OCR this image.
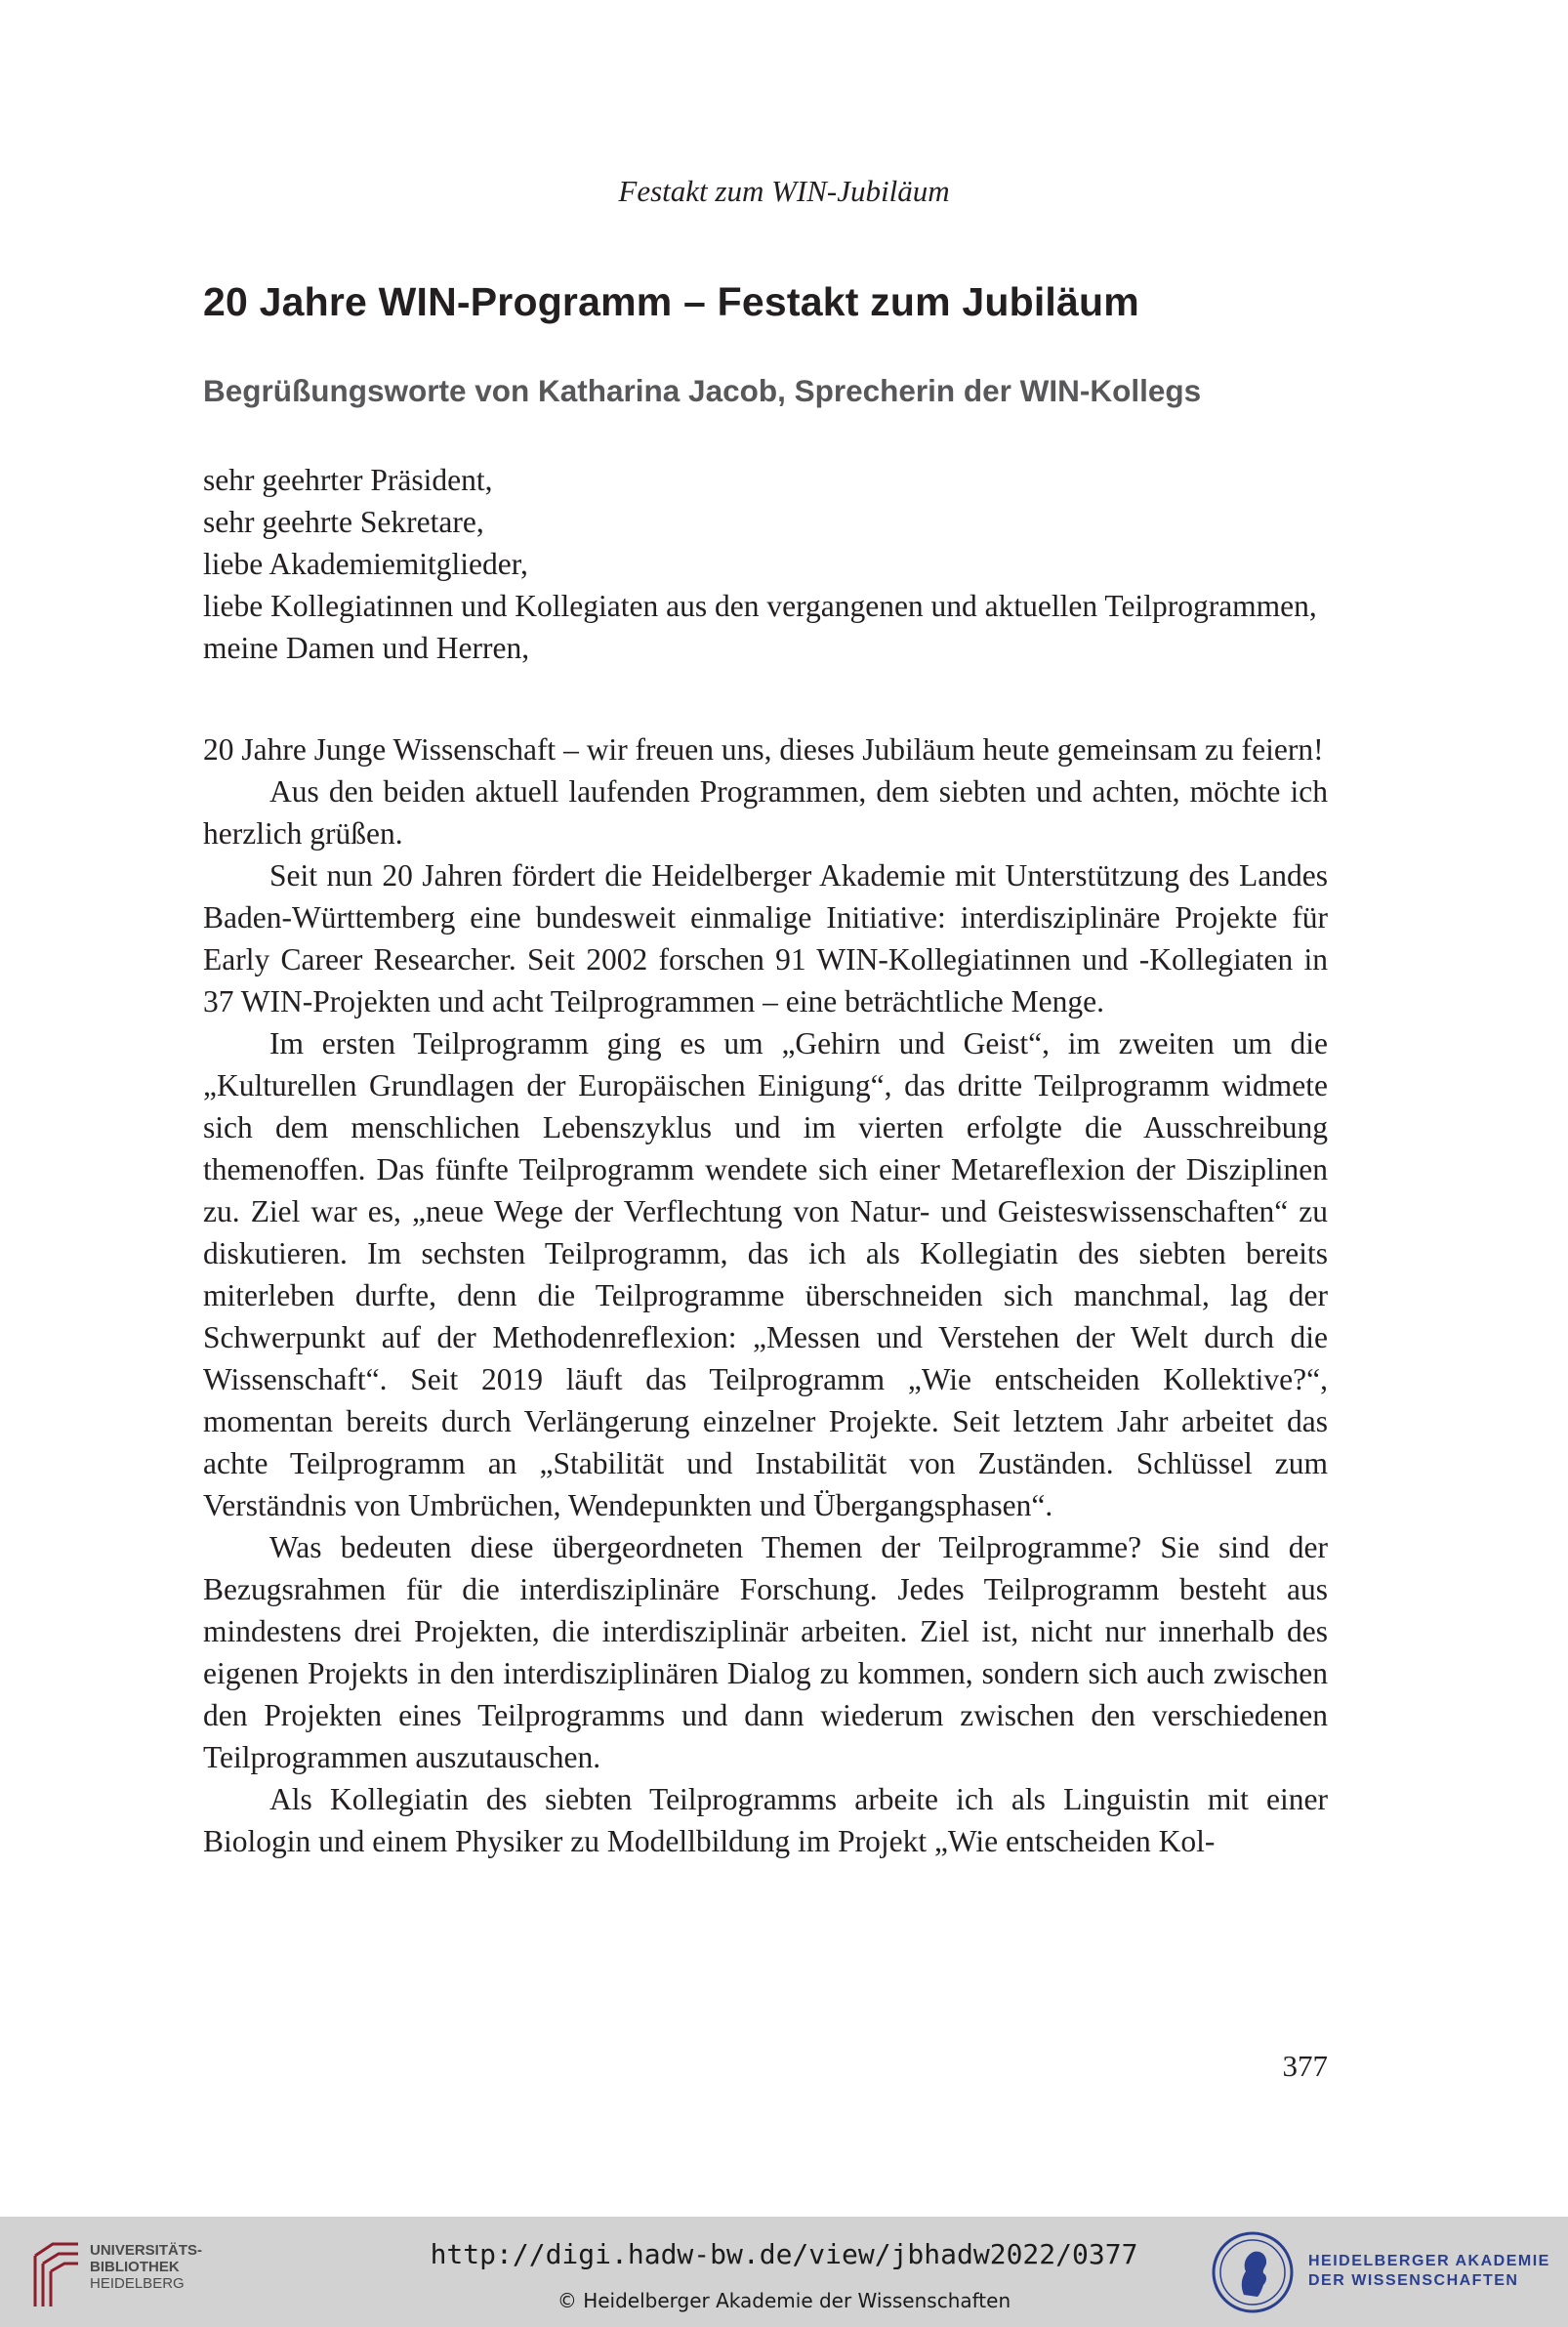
Festakt zum WIN-Jubiläum
20 Jahre WIN-Programm – Festakt zum Jubiläum
Begrüßungsworte von Katharina Jacob, Sprecherin der WIN-Kollegs
sehr geehrter Präsident,
sehr geehrte Sekretare,
liebe Akademiemitglieder,
liebe Kollegiatinnen und Kollegiaten aus den vergangenen und aktuellen Teilprogrammen,
meine Damen und Herren,

20 Jahre Junge Wissenschaft – wir freuen uns, dieses Jubiläum heute gemeinsam zu feiern!

Aus den beiden aktuell laufenden Programmen, dem siebten und achten, möchte ich herzlich grüßen.

Seit nun 20 Jahren fördert die Heidelberger Akademie mit Unterstützung des Landes Baden-Württemberg eine bundesweit einmalige Initiative: interdisziplinäre Projekte für Early Career Researcher. Seit 2002 forschen 91 WIN-Kollegiatinnen und -Kollegiaten in 37 WIN-Projekten und acht Teilprogrammen – eine beträchtliche Menge.

Im ersten Teilprogramm ging es um „Gehirn und Geist“, im zweiten um die „Kulturellen Grundlagen der Europäischen Einigung“, das dritte Teilprogramm widmete sich dem menschlichen Lebenszyklus und im vierten erfolgte die Ausschreibung themenoffen. Das fünfte Teilprogramm wendete sich einer Metareflexion der Disziplinen zu. Ziel war es, „neue Wege der Verflechtung von Natur- und Geisteswissenschaften“ zu diskutieren. Im sechsten Teilprogramm, das ich als Kollegiatin des siebten bereits miterleben durfte, denn die Teilprogramme überschneiden sich manchmal, lag der Schwerpunkt auf der Methodenreflexion: „Messen und Verstehen der Welt durch die Wissenschaft“. Seit 2019 läuft das Teilprogramm „Wie entscheiden Kollektive?“, momentan bereits durch Verlängerung einzelner Projekte. Seit letztem Jahr arbeitet das achte Teilprogramm an „Stabilität und Instabilität von Zuständen. Schlüssel zum Verständnis von Umbrüchen, Wendepunkten und Übergangsphasen“.

Was bedeuten diese übergeordneten Themen der Teilprogramme? Sie sind der Bezugsrahmen für die interdisziplinäre Forschung. Jedes Teilprogramm besteht aus mindestens drei Projekten, die interdisziplinär arbeiten. Ziel ist, nicht nur innerhalb des eigenen Projekts in den interdisziplinären Dialog zu kommen, sondern sich auch zwischen den Projekten eines Teilprogramms und dann wiederum zwischen den verschiedenen Teilprogrammen auszutauschen.

Als Kollegiatin des siebten Teilprogramms arbeite ich als Linguistin mit einer Biologin und einem Physiker zu Modellbildung im Projekt „Wie entscheiden Kol-

377
UNIVERSITÄTS-
BIBLIOTHEK
HEIDELBERG
http://digi.hadw-bw.de/view/jbhadw2022/0377
© Heidelberger Akademie der Wissenschaften
HEIDELBERGER AKADEMIE
DER WISSENSCHAFTEN
